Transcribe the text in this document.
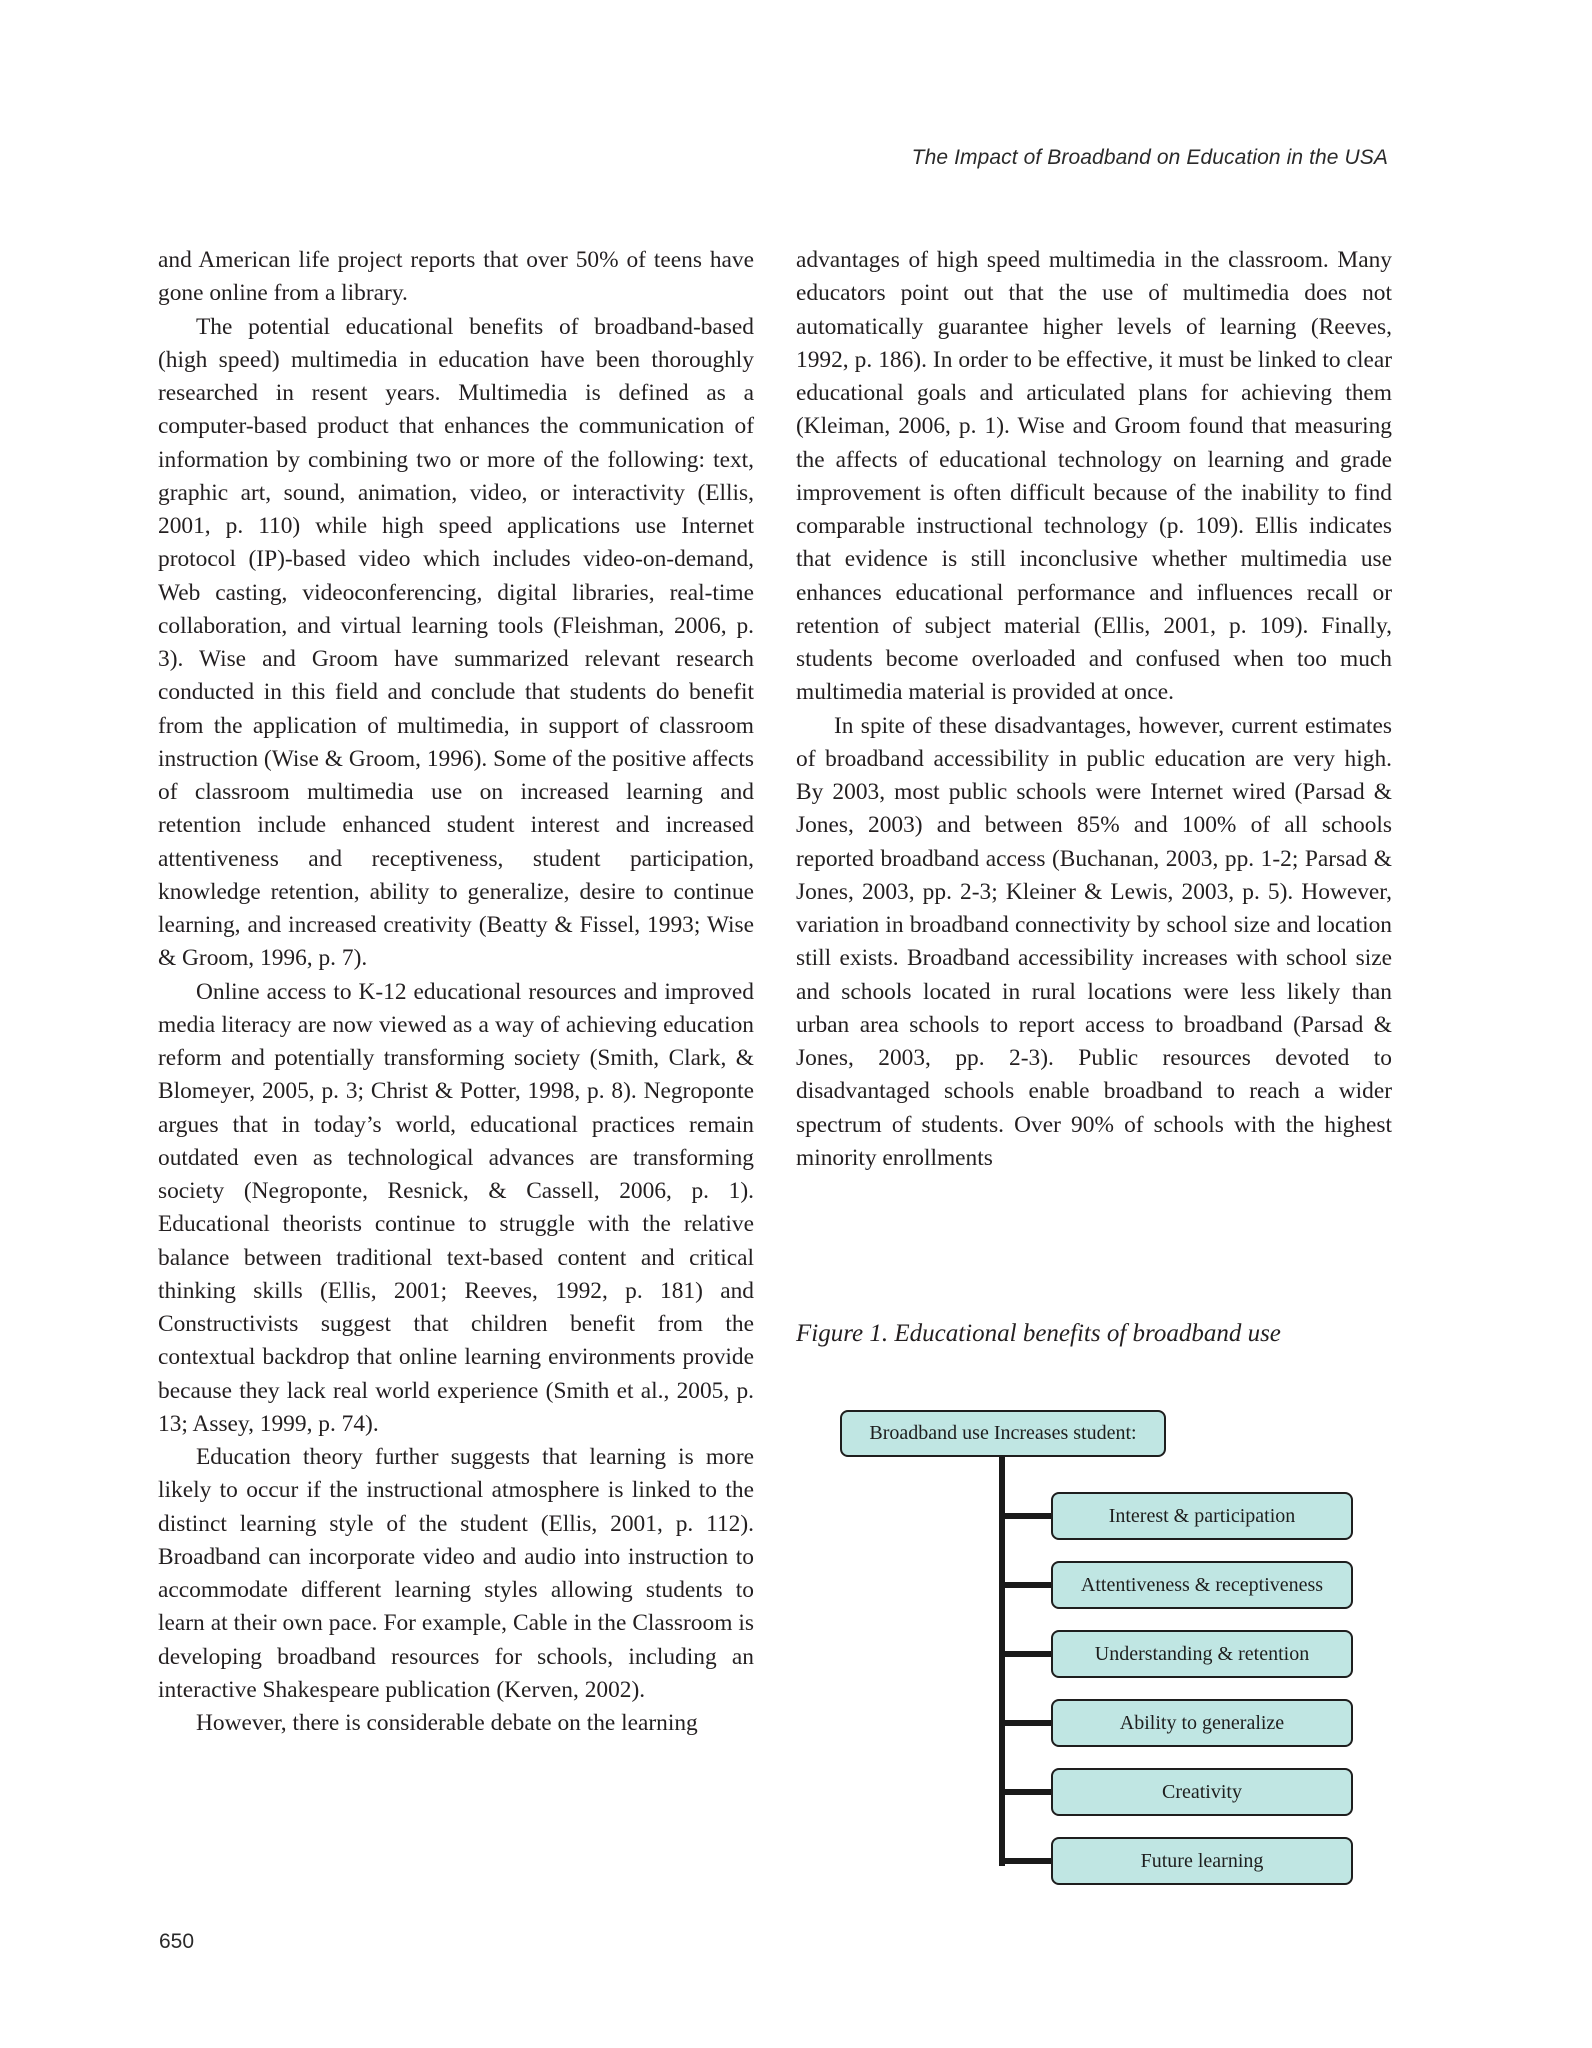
The Impact of Broadband on Education in the USA

and American life project reports that over 50% of teens have gone online from a library.

The potential educational benefits of broadband-based (high speed) multimedia in education have been thoroughly researched in resent years. Multimedia is defined as a computer-based product that enhances the communication of information by combining two or more of the following: text, graphic art, sound, animation, video, or interactivity (Ellis, 2001, p. 110) while high speed applications use Internet protocol (IP)-based video which includes video-on-demand, Web casting, videoconferencing, digital libraries, real-time collaboration, and virtual learning tools (Fleishman, 2006, p. 3). Wise and Groom have summarized relevant research conducted in this field and conclude that students do benefit from the application of multimedia, in support of classroom instruction (Wise & Groom, 1996). Some of the positive affects of classroom multimedia use on increased learning and retention include enhanced student interest and increased attentiveness and receptiveness, student participation, knowledge retention, ability to generalize, desire to continue learning, and increased creativity (Beatty & Fissel, 1993; Wise & Groom, 1996, p. 7).

Online access to K-12 educational resources and improved media literacy are now viewed as a way of achieving education reform and potentially transforming society (Smith, Clark, & Blomeyer, 2005, p. 3; Christ & Potter, 1998, p. 8). Negroponte argues that in today’s world, educational practices remain outdated even as technological advances are transforming society (Negroponte, Resnick, & Cassell, 2006, p. 1). Educational theorists continue to struggle with the relative balance between traditional text-based content and critical thinking skills (Ellis, 2001; Reeves, 1992, p. 181) and Constructivists suggest that children benefit from the contextual backdrop that online learning environments provide because they lack real world experience (Smith et al., 2005, p. 13; Assey, 1999, p. 74).

Education theory further suggests that learning is more likely to occur if the instructional atmosphere is linked to the distinct learning style of the student (Ellis, 2001, p. 112). Broadband can incorporate video and audio into instruction to accommodate different learning styles allowing students to learn at their own pace. For example, Cable in the Classroom is developing broadband resources for schools, including an interactive Shakespeare publication (Kerven, 2002).

However, there is considerable debate on the learning

advantages of high speed multimedia in the classroom. Many educators point out that the use of multimedia does not automatically guarantee higher levels of learning (Reeves, 1992, p. 186). In order to be effective, it must be linked to clear educational goals and articulated plans for achieving them (Kleiman, 2006, p. 1). Wise and Groom found that measuring the affects of educational technology on learning and grade improvement is often difficult because of the inability to find comparable instructional technology (p. 109). Ellis indicates that evidence is still inconclusive whether multimedia use enhances educational performance and influences recall or retention of subject material (Ellis, 2001, p. 109). Finally, students become overloaded and confused when too much multimedia material is provided at once.

In spite of these disadvantages, however, current estimates of broadband accessibility in public education are very high. By 2003, most public schools were Internet wired (Parsad & Jones, 2003) and between 85% and 100% of all schools reported broadband access (Buchanan, 2003, pp. 1-2; Parsad & Jones, 2003, pp. 2-3; Kleiner & Lewis, 2003, p. 5). However, variation in broadband connectivity by school size and location still exists. Broadband accessibility increases with school size and schools located in rural locations were less likely than urban area schools to report access to broadband (Parsad & Jones, 2003, pp. 2-3). Public resources devoted to disadvantaged schools enable broadband to reach a wider spectrum of students. Over 90% of schools with the highest minority enrollments

Figure 1. Educational benefits of broadband use
Broadband use Increases student:
Interest & participation
Attentiveness & receptiveness
Understanding & retention
Ability to generalize
Creativity
Future learning
650
